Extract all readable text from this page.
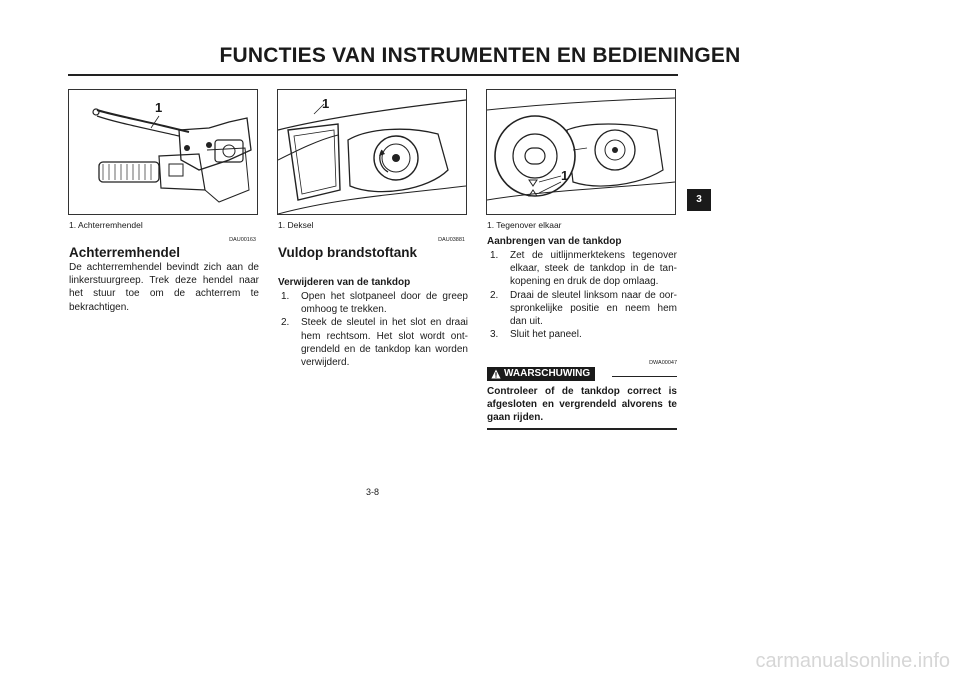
FUNCTIES VAN INSTRUMENTEN EN BEDIENINGEN
1	1
1
1. Achterremhendel	1. Deksel	1. Tegenover elkaar
DAU00163
Achterremhendel
De achterremhendel bevindt zich aan de linkerstuurgreep. Trek deze hendel naar het stuur toe om de achterrem te bekrachtigen.
DAU03881
Vuldop brandstoftank
Verwijderen van de tankdop
1. Open het slotpaneel door de greep omhoog te trekken.
2. Steek de sleutel in het slot en draai hem rechtsom. Het slot wordt ont- grendeld en de tankdop kan worden verwijderd.
Aanbrengen van de tankdop
1. Zet de uitlijnmerktekens tegenover elkaar, steek de tankdop in de tan- kopening en druk de dop omlaag.
2. Draai de sleutel linksom naar de oor- spronkelijke positie en neem hem dan uit.
3. Sluit het paneel.
DWA00047
WAARSCHUWING
Controleer of de tankdop correct is afgesloten en vergrendeld alvorens te gaan rijden.
3-8
3
carmanualsonline.info
